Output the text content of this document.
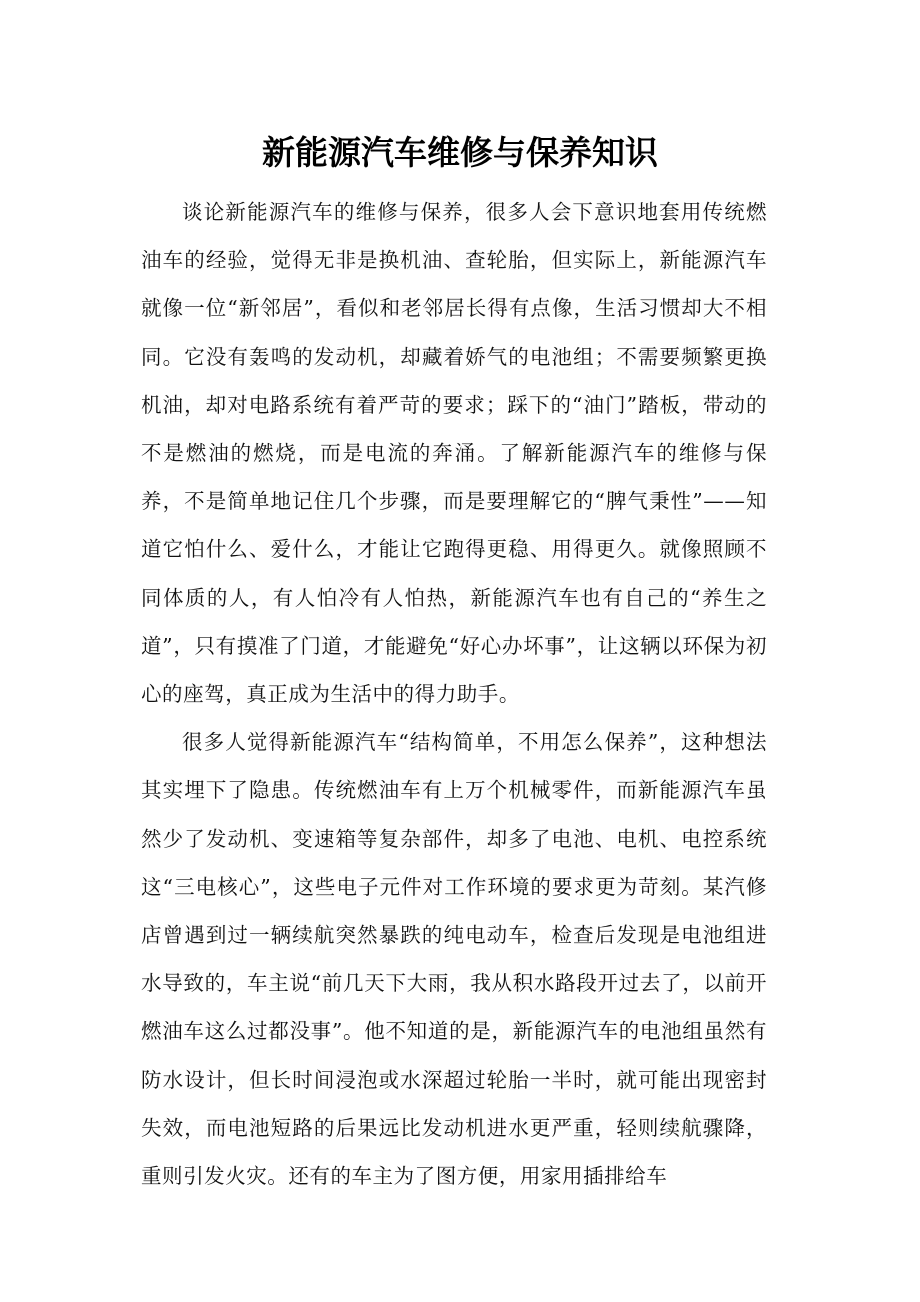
新能源汽车维修与保养知识

谈论新能源汽车的维修与保养，很多人会下意识地套用传统燃油车的经验，觉得无非是换机油、查轮胎，但实际上，新能源汽车就像一位“新邻居”，看似和老邻居长得有点像，生活习惯却大不相同。它没有轰鸣的发动机，却藏着娇气的电池组；不需要频繁更换机油，却对电路系统有着严苛的要求；踩下的“油门”踏板，带动的不是燃油的燃烧，而是电流的奔涌。了解新能源汽车的维修与保养，不是简单地记住几个步骤，而是要理解它的“脾气秉性”——知道它怕什么、爱什么，才能让它跑得更稳、用得更久。就像照顾不同体质的人，有人怕冷有人怕热，新能源汽车也有自己的“养生之道”，只有摸准了门道，才能避免“好心办坏事”，让这辆以环保为初心的座驾，真正成为生活中的得力助手。

很多人觉得新能源汽车“结构简单，不用怎么保养”，这种想法其实埋下了隐患。传统燃油车有上万个机械零件，而新能源汽车虽然少了发动机、变速箱等复杂部件，却多了电池、电机、电控系统这“三电核心”，这些电子元件对工作环境的要求更为苛刻。某汽修店曾遇到过一辆续航突然暴跌的纯电动车，检查后发现是电池组进水导致的，车主说“前几天下大雨，我从积水路段开过去了，以前开燃油车这么过都没事”。他不知道的是，新能源汽车的电池组虽然有防水设计，但长时间浸泡或水深超过轮胎一半时，就可能出现密封失效，而电池短路的后果远比发动机进水更严重，轻则续航骤降，重则引发火灾。还有的车主为了图方便，用家用插排给车
